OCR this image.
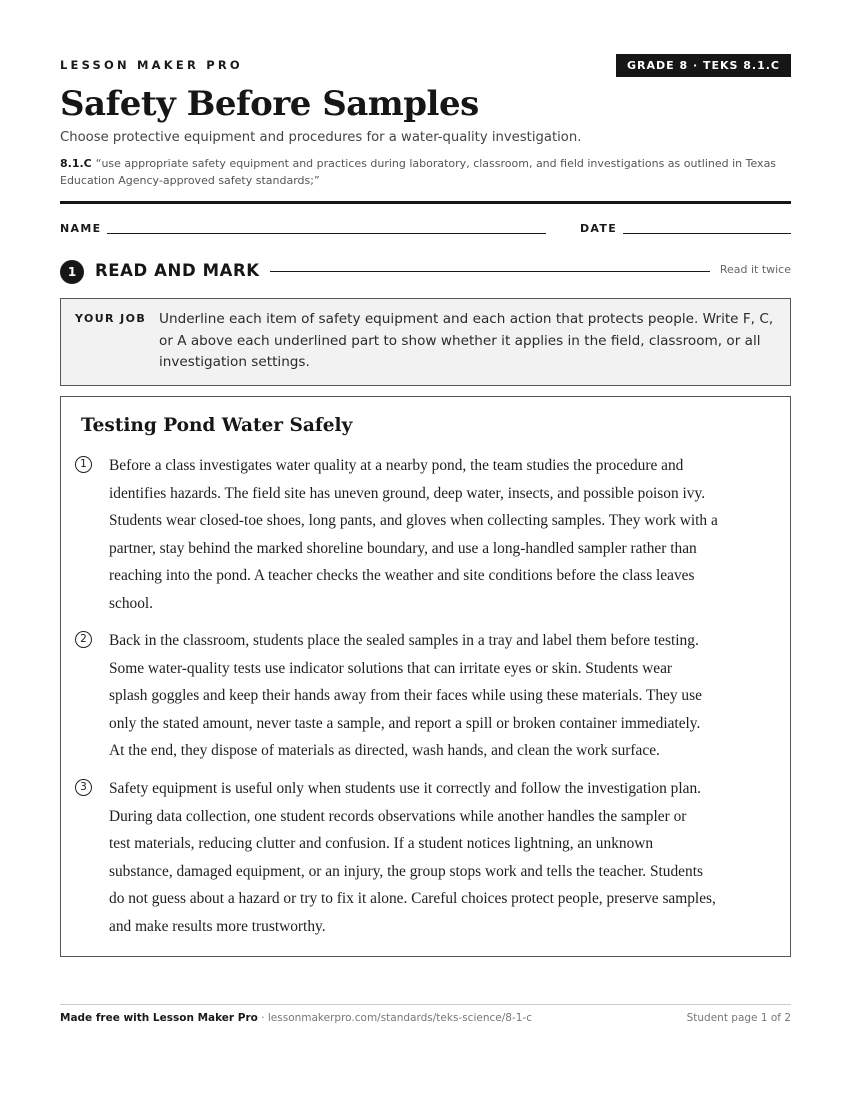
LESSON MAKER PRO	GRADE 8 · TEKS 8.1.C
Safety Before Samples
Choose protective equipment and procedures for a water-quality investigation.
8.1.C “use appropriate safety equipment and practices during laboratory, classroom, and field investigations as outlined in Texas Education Agency-approved safety standards;”
NAME	DATE
1	READ AND MARK	Read it twice
YOUR JOB Underline each item of safety equipment and each action that protects people. Write F, C, or A above each underlined part to show whether it applies in the field, classroom, or all investigation settings.
Testing Pond Water Safely
1	Before a class investigates water quality at a nearby pond, the team studies the procedure and
identifies hazards. The field site has uneven ground, deep water, insects, and possible poison ivy.
Students wear closed-toe shoes, long pants, and gloves when collecting samples. They work with a
partner, stay behind the marked shoreline boundary, and use a long-handled sampler rather than
reaching into the pond. A teacher checks the weather and site conditions before the class leaves
school.
2	Back in the classroom, students place the sealed samples in a tray and label them before testing.
Some water-quality tests use indicator solutions that can irritate eyes or skin. Students wear
splash goggles and keep their hands away from their faces while using these materials. They use
only the stated amount, never taste a sample, and report a spill or broken container immediately.
At the end, they dispose of materials as directed, wash hands, and clean the work surface.
3	Safety equipment is useful only when students use it correctly and follow the investigation plan.
During data collection, one student records observations while another handles the sampler or
test materials, reducing clutter and confusion. If a student notices lightning, an unknown
substance, damaged equipment, or an injury, the group stops work and tells the teacher. Students
do not guess about a hazard or try to fix it alone. Careful choices protect people, preserve samples,
and make results more trustworthy.
Made free with Lesson Maker Pro · lessonmakerpro.com/standards/teks-science/8-1-c	Student page 1 of 2
